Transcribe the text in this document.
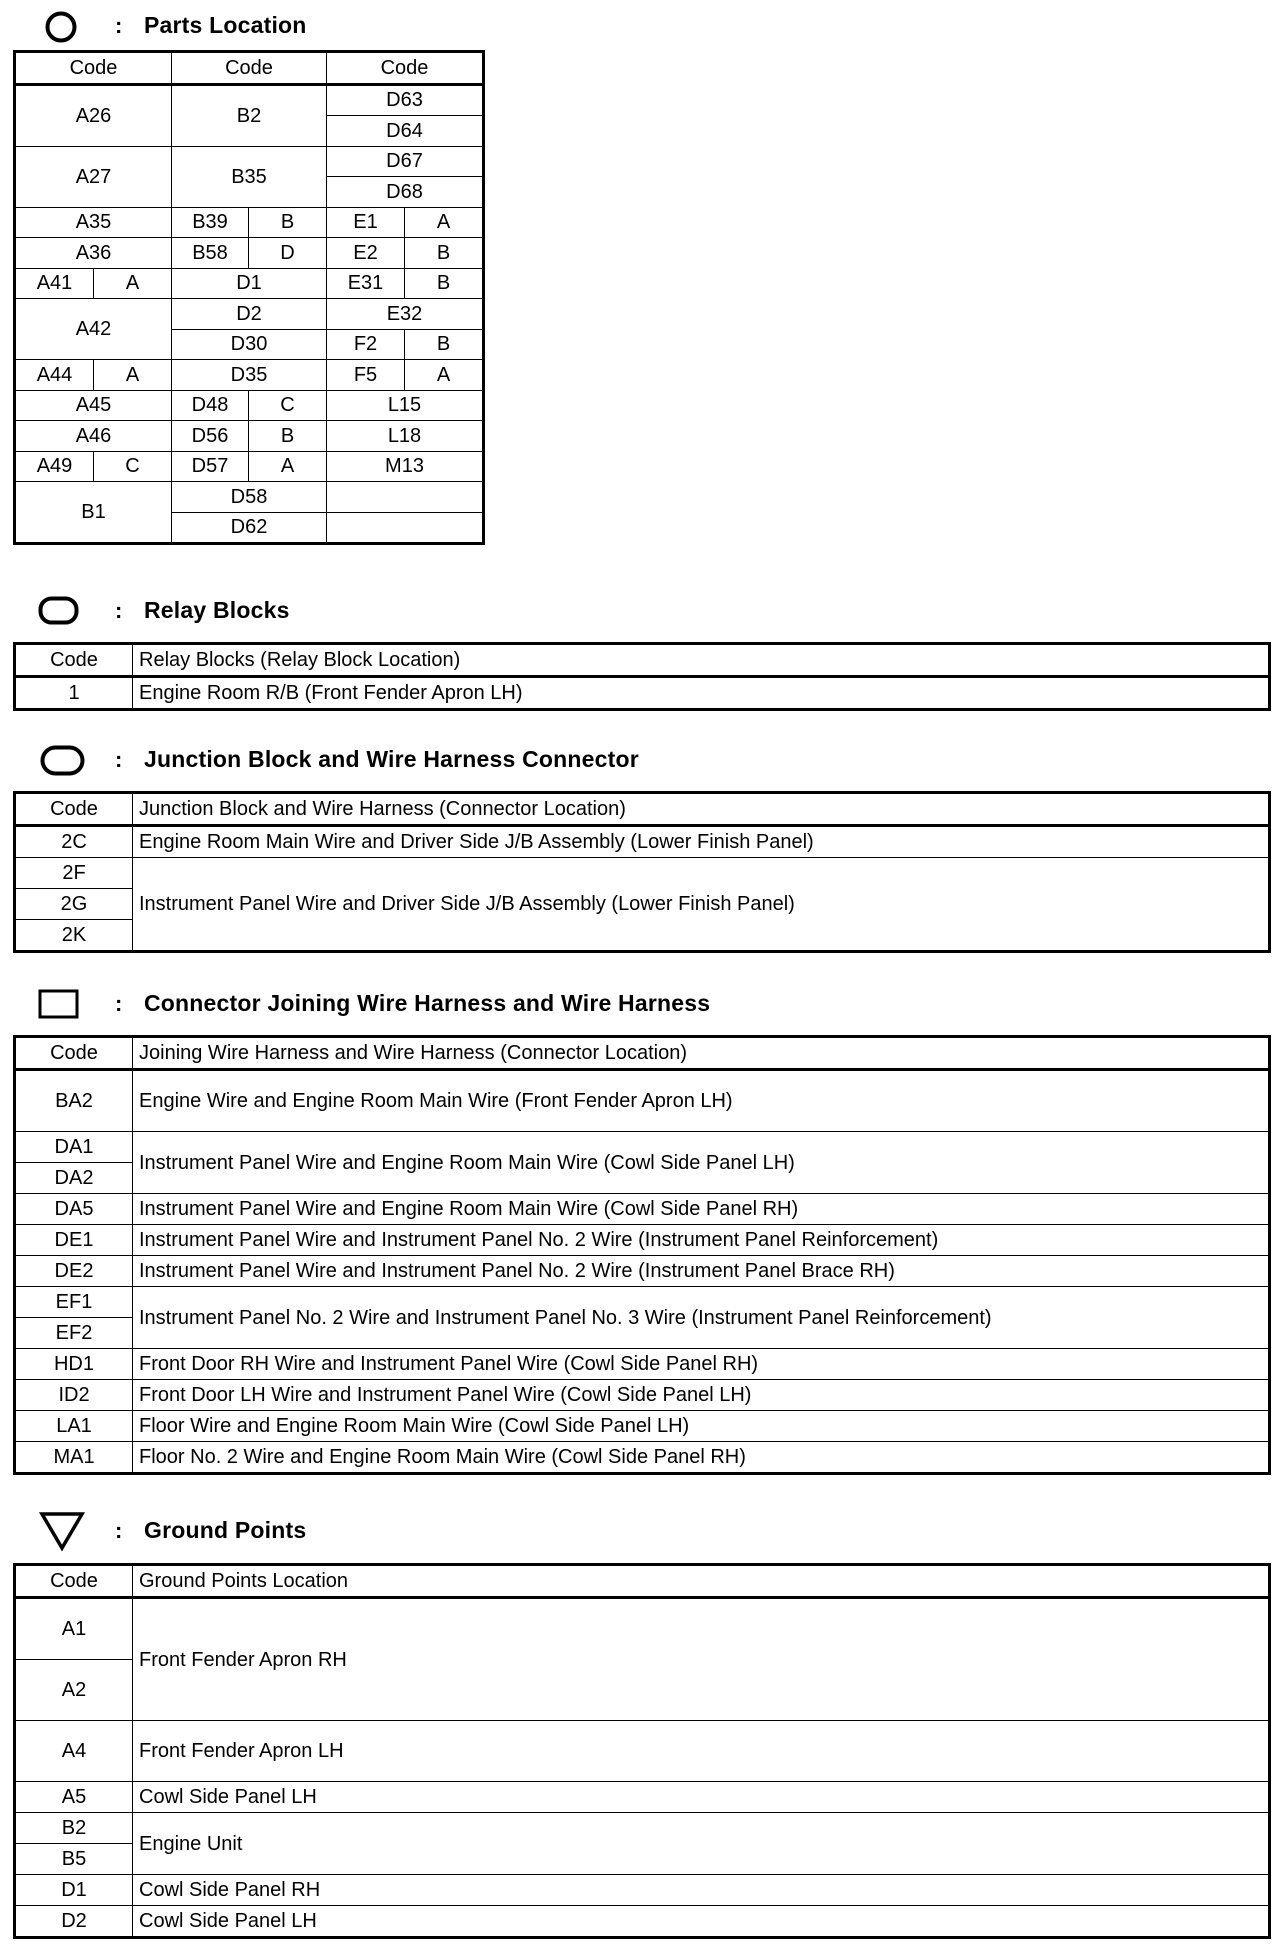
: Parts Location
Code		Code		Code	
A26		B2		D63	
				D64	
A27		B35		D67	
				D68	
A35		B39	B	E1	A
A36		B58	D	E2	B
A41	A	D1		E31	B
A42		D2		E32	
		D30		F2	B
A44	A	D35		F5	A
A45		D48	C	L15	
A46		D56	B	L18	
A49	C	D57	A	M13	
B1		D58			
		D62			
: Relay Blocks
Code	Relay Blocks (Relay Block Location)
1	Engine Room R/B (Front Fender Apron LH)
: Junction Block and Wire Harness Connector
Code	Junction Block and Wire Harness (Connector Location)
2C	Engine Room Main Wire and Driver Side J/B Assembly (Lower Finish Panel)
2F	Instrument Panel Wire and Driver Side J/B Assembly (Lower Finish Panel)
2G	
2K	
: Connector Joining Wire Harness and Wire Harness
Code	Joining Wire Harness and Wire Harness (Connector Location)
BA2	Engine Wire and Engine Room Main Wire (Front Fender Apron LH)
DA1	Instrument Panel Wire and Engine Room Main Wire (Cowl Side Panel LH)
DA2	
DA5	Instrument Panel Wire and Engine Room Main Wire (Cowl Side Panel RH)
DE1	Instrument Panel Wire and Instrument Panel No. 2 Wire (Instrument Panel Reinforcement)
DE2	Instrument Panel Wire and Instrument Panel No. 2 Wire (Instrument Panel Brace RH)
EF1	Instrument Panel No. 2 Wire and Instrument Panel No. 3 Wire (Instrument Panel Reinforcement)
EF2	
HD1	Front Door RH Wire and Instrument Panel Wire (Cowl Side Panel RH)
ID2	Front Door LH Wire and Instrument Panel Wire (Cowl Side Panel LH)
LA1	Floor Wire and Engine Room Main Wire (Cowl Side Panel LH)
MA1	Floor No. 2 Wire and Engine Room Main Wire (Cowl Side Panel RH)
: Ground Points
Code	Ground Points Location
A1	Front Fender Apron RH
A2	
A4	Front Fender Apron LH
A5	Cowl Side Panel LH
B2	Engine Unit
B5	
D1	Cowl Side Panel RH
D2	Cowl Side Panel LH
